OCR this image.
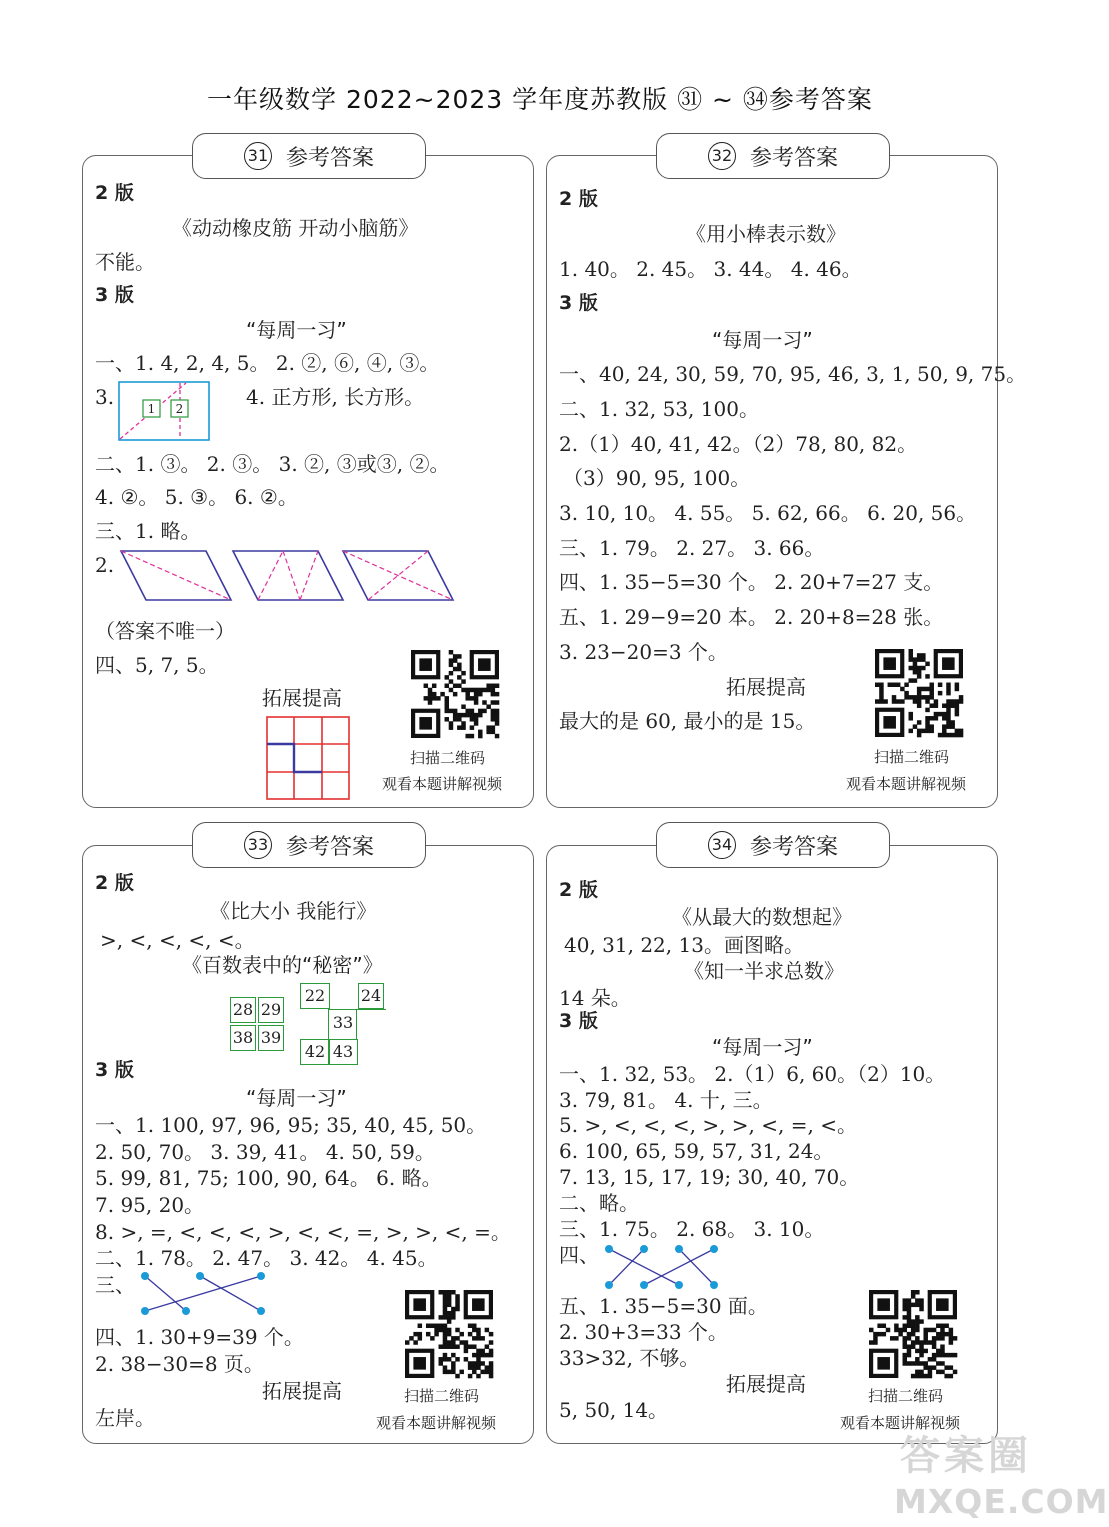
一年级数学 2022~2023 学年度苏教版 ㉛ ~ ㉞参考答案
31 参考答案
2 版
《动动橡皮筋 开动小脑筋》
不能。
3 版
“每周一习”
一、1. 4, 2, 4, 5。 2. ②, ⑥, ④, ③。
3.	1 2	4. 正方形, 长方形。
二、1. ③。 2. ③。 3. ②, ③或③, ②。
4. ②。 5. ③。 6. ②。
三、1. 略。
2.
（答案不唯一）
四、5, 7, 5。
拓展提高
扫描二维码
观看本题讲解视频
32 参考答案
2 版
《用小棒表示数》
1. 40。 2. 45。 3. 44。 4. 46。
3 版
“每周一习”
一、40, 24, 30, 59, 70, 95, 46, 3, 1, 50, 9, 75。
二、1. 32, 53, 100。
2.（1）40, 41, 42。（2）78, 80, 82。
（3）90, 95, 100。
3. 10, 10。 4. 55。 5. 62, 66。 6. 20, 56。
三、1. 79。 2. 27。 3. 66。
四、1. 35−5=30 个。 2. 20+7=27 支。
五、1. 29−9=20 本。 2. 20+8=28 张。
3. 23−20=3 个。
拓展提高
最大的是 60, 最小的是 15。
扫描二维码
观看本题讲解视频
33 参考答案
2 版
《比大小 我能行》
>, <, <, <, <。
《百数表中的“秘密”》
28 29
38 39
22	24
33
42 43
3 版
“每周一习”
一、1. 100, 97, 96, 95; 35, 40, 45, 50。
2. 50, 70。 3. 39, 41。 4. 50, 59。
5. 99, 81, 75; 100, 90, 64。 6. 略。
7. 95, 20。
8. >, =, <, <, <, >, <, <, =, >, >, <, =。
二、1. 78。 2. 47。 3. 42。 4. 45。
三、
四、1. 30+9=39 个。
2. 38−30=8 页。
拓展提高
左岸。
扫描二维码
观看本题讲解视频
34 参考答案
2 版
《从最大的数想起》
40, 31, 22, 13。画图略。
《知一半求总数》
14 朵。
3 版
“每周一习”
一、1. 32, 53。 2.（1）6, 60。（2）10。
3. 79, 81。 4. 十, 三。
5. >, <, <, <, >, >, <, =, <。
6. 100, 65, 59, 57, 31, 24。
7. 13, 15, 17, 19; 30, 40, 70。
二、略。
三、1. 75。 2. 68。 3. 10。
四、
五、1. 35−5=30 面。
2. 30+3=33 个。
33>32, 不够。
拓展提高
5, 50, 14。
扫描二维码
观看本题讲解视频
答案圈
MXQE.COM
